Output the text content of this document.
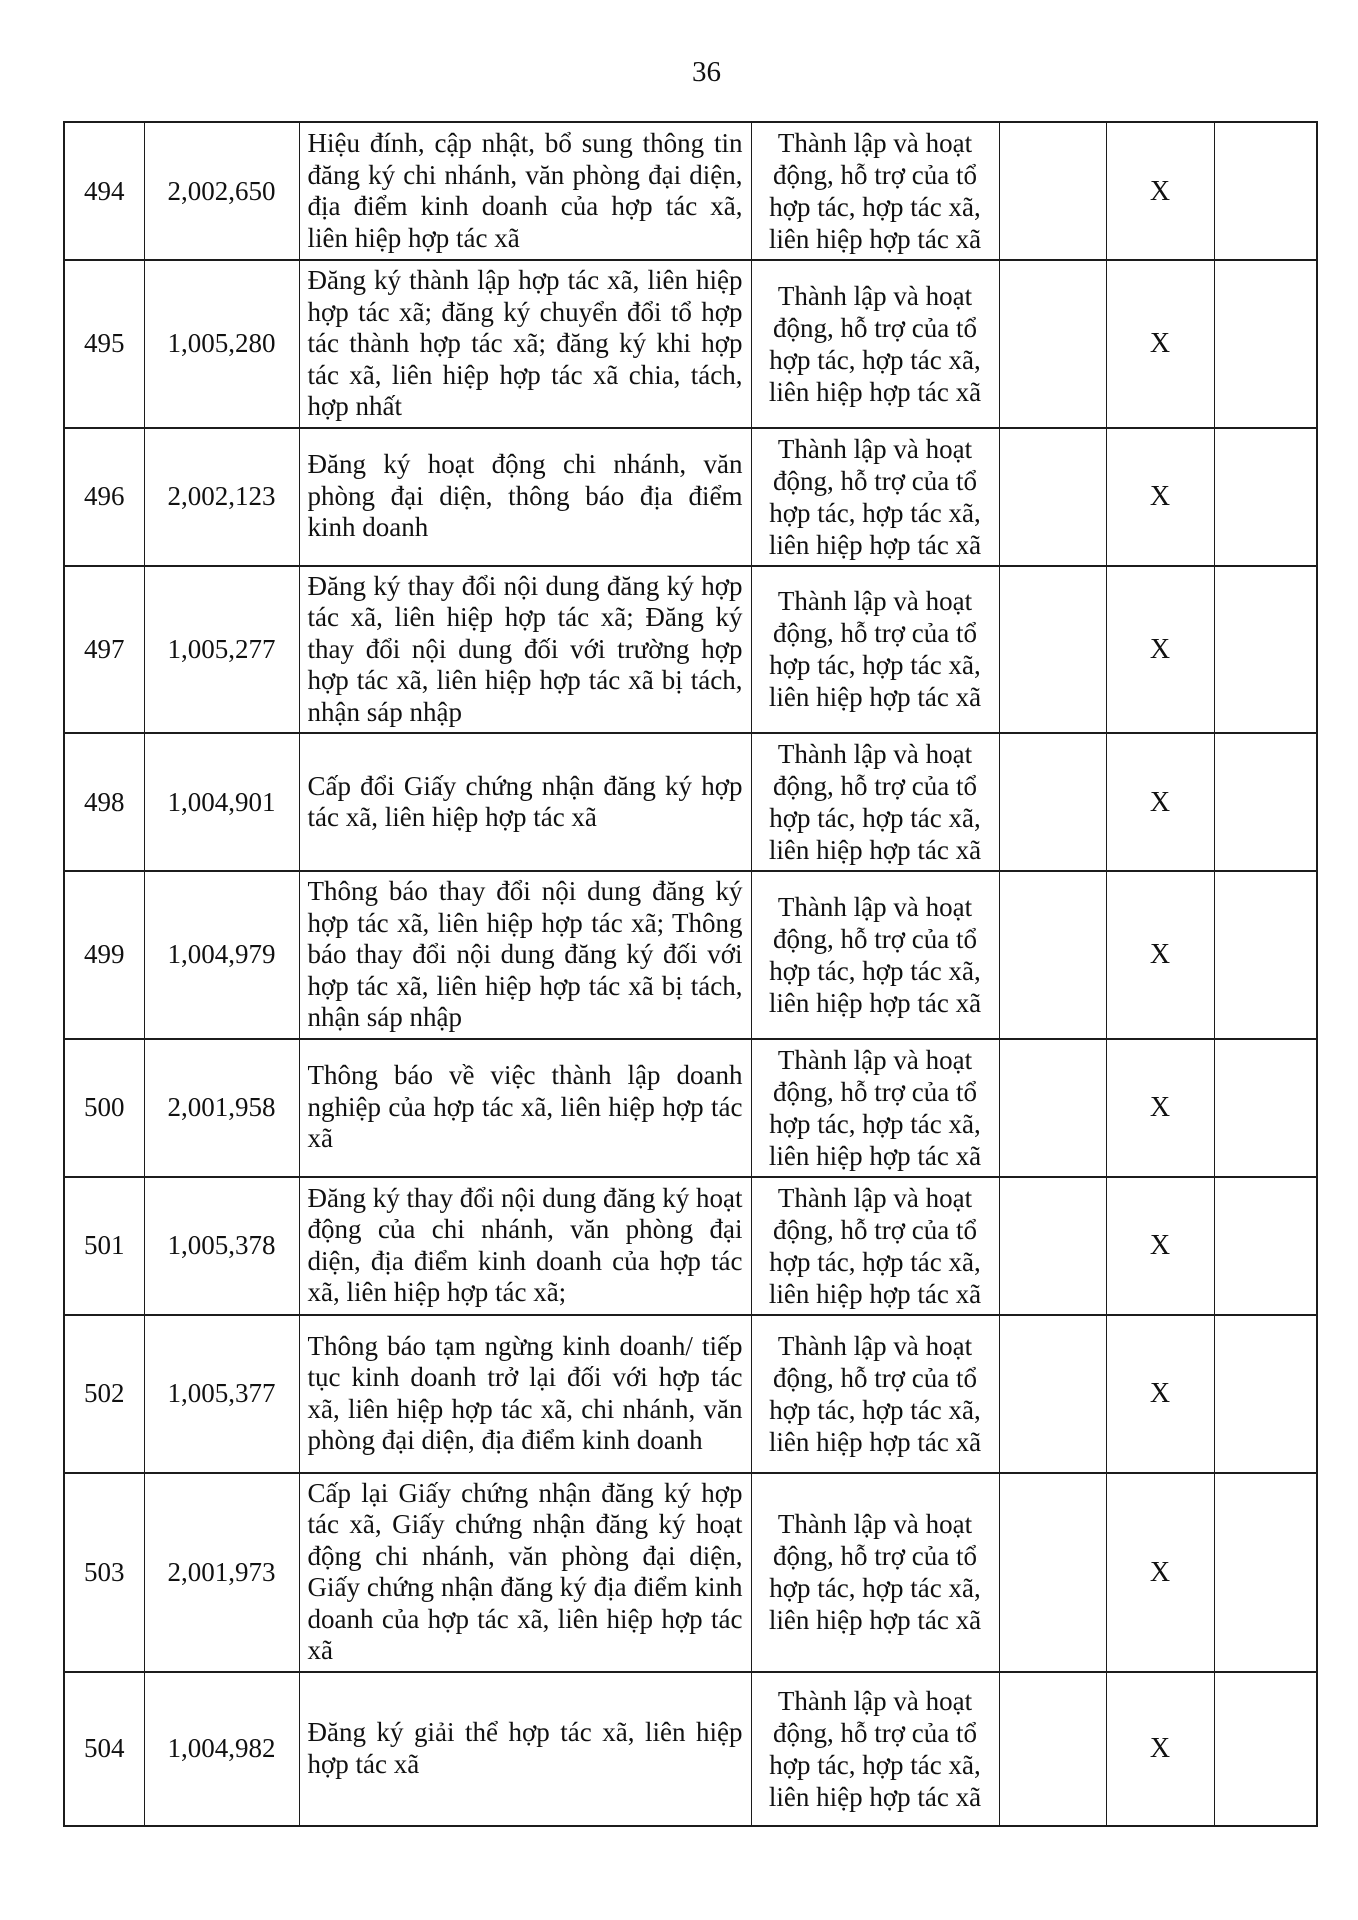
36
494	2,002,650	Hiệu đính, cập nhật, bổ sung thông tin đăng ký chi nhánh, văn phòng đại diện, địa điểm kinh doanh của hợp tác xã, liên hiệp hợp tác xã	Thành lập và hoạt động, hỗ trợ của tổ hợp tác, hợp tác xã, liên hiệp hợp tác xã		X	
495	1,005,280	Đăng ký thành lập hợp tác xã, liên hiệp hợp tác xã; đăng ký chuyển đổi tổ hợp tác thành hợp tác xã; đăng ký khi hợp tác xã, liên hiệp hợp tác xã chia, tách, hợp nhất	Thành lập và hoạt động, hỗ trợ của tổ hợp tác, hợp tác xã, liên hiệp hợp tác xã		X	
496	2,002,123	Đăng ký hoạt động chi nhánh, văn phòng đại diện, thông báo địa điểm kinh doanh	Thành lập và hoạt động, hỗ trợ của tổ hợp tác, hợp tác xã, liên hiệp hợp tác xã		X	
497	1,005,277	Đăng ký thay đổi nội dung đăng ký hợp tác xã, liên hiệp hợp tác xã; Đăng ký thay đổi nội dung đối với trường hợp hợp tác xã, liên hiệp hợp tác xã bị tách, nhận sáp nhập	Thành lập và hoạt động, hỗ trợ của tổ hợp tác, hợp tác xã, liên hiệp hợp tác xã		X	
498	1,004,901	Cấp đổi Giấy chứng nhận đăng ký hợp tác xã, liên hiệp hợp tác xã	Thành lập và hoạt động, hỗ trợ của tổ hợp tác, hợp tác xã, liên hiệp hợp tác xã		X	
499	1,004,979	Thông báo thay đổi nội dung đăng ký hợp tác xã, liên hiệp hợp tác xã; Thông báo thay đổi nội dung đăng ký đối với hợp tác xã, liên hiệp hợp tác xã bị tách, nhận sáp nhập	Thành lập và hoạt động, hỗ trợ của tổ hợp tác, hợp tác xã, liên hiệp hợp tác xã		X	
500	2,001,958	Thông báo về việc thành lập doanh nghiệp của hợp tác xã, liên hiệp hợp tác xã	Thành lập và hoạt động, hỗ trợ của tổ hợp tác, hợp tác xã, liên hiệp hợp tác xã		X	
501	1,005,378	Đăng ký thay đổi nội dung đăng ký hoạt động của chi nhánh, văn phòng đại diện, địa điểm kinh doanh của hợp tác xã, liên hiệp hợp tác xã;	Thành lập và hoạt động, hỗ trợ của tổ hợp tác, hợp tác xã, liên hiệp hợp tác xã		X	
502	1,005,377	Thông báo tạm ngừng kinh doanh/ tiếp tục kinh doanh trở lại đối với hợp tác xã, liên hiệp hợp tác xã, chi nhánh, văn phòng đại diện, địa điểm kinh doanh	Thành lập và hoạt động, hỗ trợ của tổ hợp tác, hợp tác xã, liên hiệp hợp tác xã		X	
503	2,001,973	Cấp lại Giấy chứng nhận đăng ký hợp tác xã, Giấy chứng nhận đăng ký hoạt động chi nhánh, văn phòng đại diện, Giấy chứng nhận đăng ký địa điểm kinh doanh của hợp tác xã, liên hiệp hợp tác xã	Thành lập và hoạt động, hỗ trợ của tổ hợp tác, hợp tác xã, liên hiệp hợp tác xã		X	
504	1,004,982	Đăng ký giải thể hợp tác xã, liên hiệp hợp tác xã	Thành lập và hoạt động, hỗ trợ của tổ hợp tác, hợp tác xã, liên hiệp hợp tác xã		X	
